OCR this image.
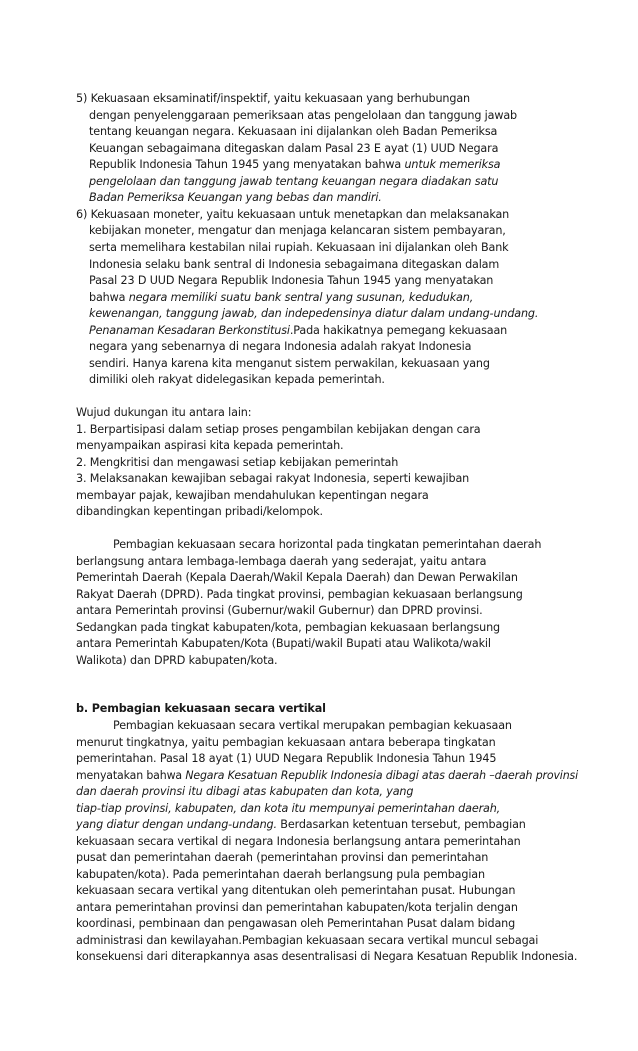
5) Kekuasaan eksaminatif/inspektif, yaitu kekuasaan yang berhubungan
dengan penyelenggaraan pemeriksaan atas pengelolaan dan tanggung jawab
tentang keuangan negara. Kekuasaan ini dijalankan oleh Badan Pemeriksa
Keuangan sebagaimana ditegaskan dalam Pasal 23 E ayat (1) UUD Negara
Republik Indonesia Tahun 1945 yang menyatakan bahwa untuk memeriksa
pengelolaan dan tanggung jawab tentang keuangan negara diadakan satu
Badan Pemeriksa Keuangan yang bebas dan mandiri.
6) Kekuasaan moneter, yaitu kekuasaan untuk menetapkan dan melaksanakan
kebijakan moneter, mengatur dan menjaga kelancaran sistem pembayaran,
serta memelihara kestabilan nilai rupiah. Kekuasaan ini dijalankan oleh Bank
Indonesia selaku bank sentral di Indonesia sebagaimana ditegaskan dalam
Pasal 23 D UUD Negara Republik Indonesia Tahun 1945 yang menyatakan
bahwa negara memiliki suatu bank sentral yang susunan, kedudukan,
kewenangan, tanggung jawab, dan indepedensinya diatur dalam undang-undang.
Penanaman Kesadaran Berkonstitusi.Pada hakikatnya pemegang kekuasaan
negara yang sebenarnya di negara Indonesia adalah rakyat Indonesia
sendiri. Hanya karena kita menganut sistem perwakilan, kekuasaan yang
dimiliki oleh rakyat didelegasikan kepada pemerintah.
Wujud dukungan itu antara lain:
1. Berpartisipasi dalam setiap proses pengambilan kebijakan dengan cara
menyampaikan aspirasi kita kepada pemerintah.
2. Mengkritisi dan mengawasi setiap kebijakan pemerintah
3. Melaksanakan kewajiban sebagai rakyat Indonesia, seperti kewajiban
membayar pajak, kewajiban mendahulukan kepentingan negara
dibandingkan kepentingan pribadi/kelompok.
Pembagian kekuasaan secara horizontal pada tingkatan pemerintahan daerah
berlangsung antara lembaga-lembaga daerah yang sederajat, yaitu antara
Pemerintah Daerah (Kepala Daerah/Wakil Kepala Daerah) dan Dewan Perwakilan
Rakyat Daerah (DPRD). Pada tingkat provinsi, pembagian kekuasaan berlangsung
antara Pemerintah provinsi (Gubernur/wakil Gubernur) dan DPRD provinsi.
Sedangkan pada tingkat kabupaten/kota, pembagian kekuasaan berlangsung
antara Pemerintah Kabupaten/Kota (Bupati/wakil Bupati atau Walikota/wakil
Walikota) dan DPRD kabupaten/kota.
b. Pembagian kekuasaan secara vertikal
Pembagian kekuasaan secara vertikal merupakan pembagian kekuasaan
menurut tingkatnya, yaitu pembagian kekuasaan antara beberapa tingkatan
pemerintahan. Pasal 18 ayat (1) UUD Negara Republik Indonesia Tahun 1945
menyatakan bahwa Negara Kesatuan Republik Indonesia dibagi atas daerah –daerah provinsi
dan daerah provinsi itu dibagi atas kabupaten dan kota, yang
tiap-tiap provinsi, kabupaten, dan kota itu mempunyai pemerintahan daerah,
yang diatur dengan undang-undang. Berdasarkan ketentuan tersebut, pembagian
kekuasaan secara vertikal di negara Indonesia berlangsung antara pemerintahan
pusat dan pemerintahan daerah (pemerintahan provinsi dan pemerintahan
kabupaten/kota). Pada pemerintahan daerah berlangsung pula pembagian
kekuasaan secara vertikal yang ditentukan oleh pemerintahan pusat. Hubungan
antara pemerintahan provinsi dan pemerintahan kabupaten/kota terjalin dengan
koordinasi, pembinaan dan pengawasan oleh Pemerintahan Pusat dalam bidang
administrasi dan kewilayahan.Pembagian kekuasaan secara vertikal muncul sebagai
konsekuensi dari diterapkannya asas desentralisasi di Negara Kesatuan Republik Indonesia.
